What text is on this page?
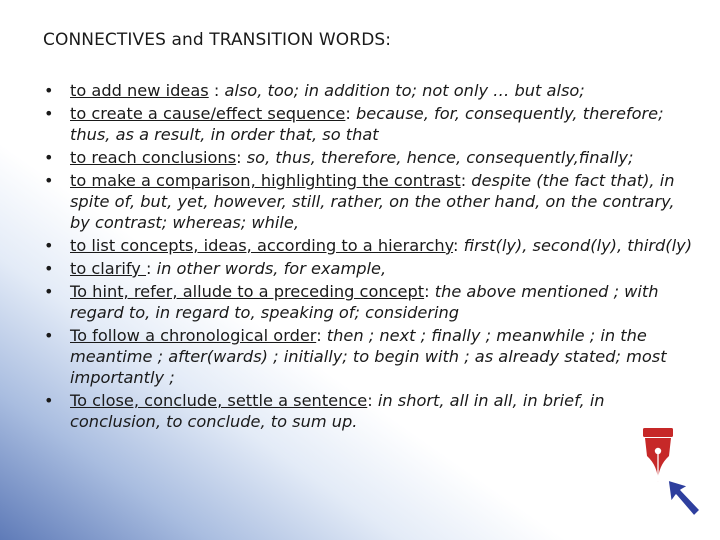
CONNECTIVES and TRANSITION WORDS:
• to add new ideas : also, too; in addition to; not only … but also;
• to create a cause/effect sequence: because, for, consequently, therefore; thus, as a result, in order that, so that
• to reach conclusions: so, thus, therefore, hence, consequently,finally;
• to make a comparison, highlighting the contrast: despite (the fact that), in spite of, but, yet, however, still, rather, on the other hand, on the contrary, by contrast; whereas; while,
• to list concepts, ideas, according to a hierarchy: first(ly), second(ly), third(ly)
• to clarify : in other words, for example,
• To hint, refer, allude to a preceding concept: the above mentioned ; with regard to, in regard to, speaking of; considering
• To follow a chronological order: then ; next ; finally ; meanwhile ; in the meantime ; after(wards) ; initially; to begin with ; as already stated; most importantly ;
• To close, conclude, settle a sentence: in short, all in all, in brief, in conclusion, to conclude, to sum up.
